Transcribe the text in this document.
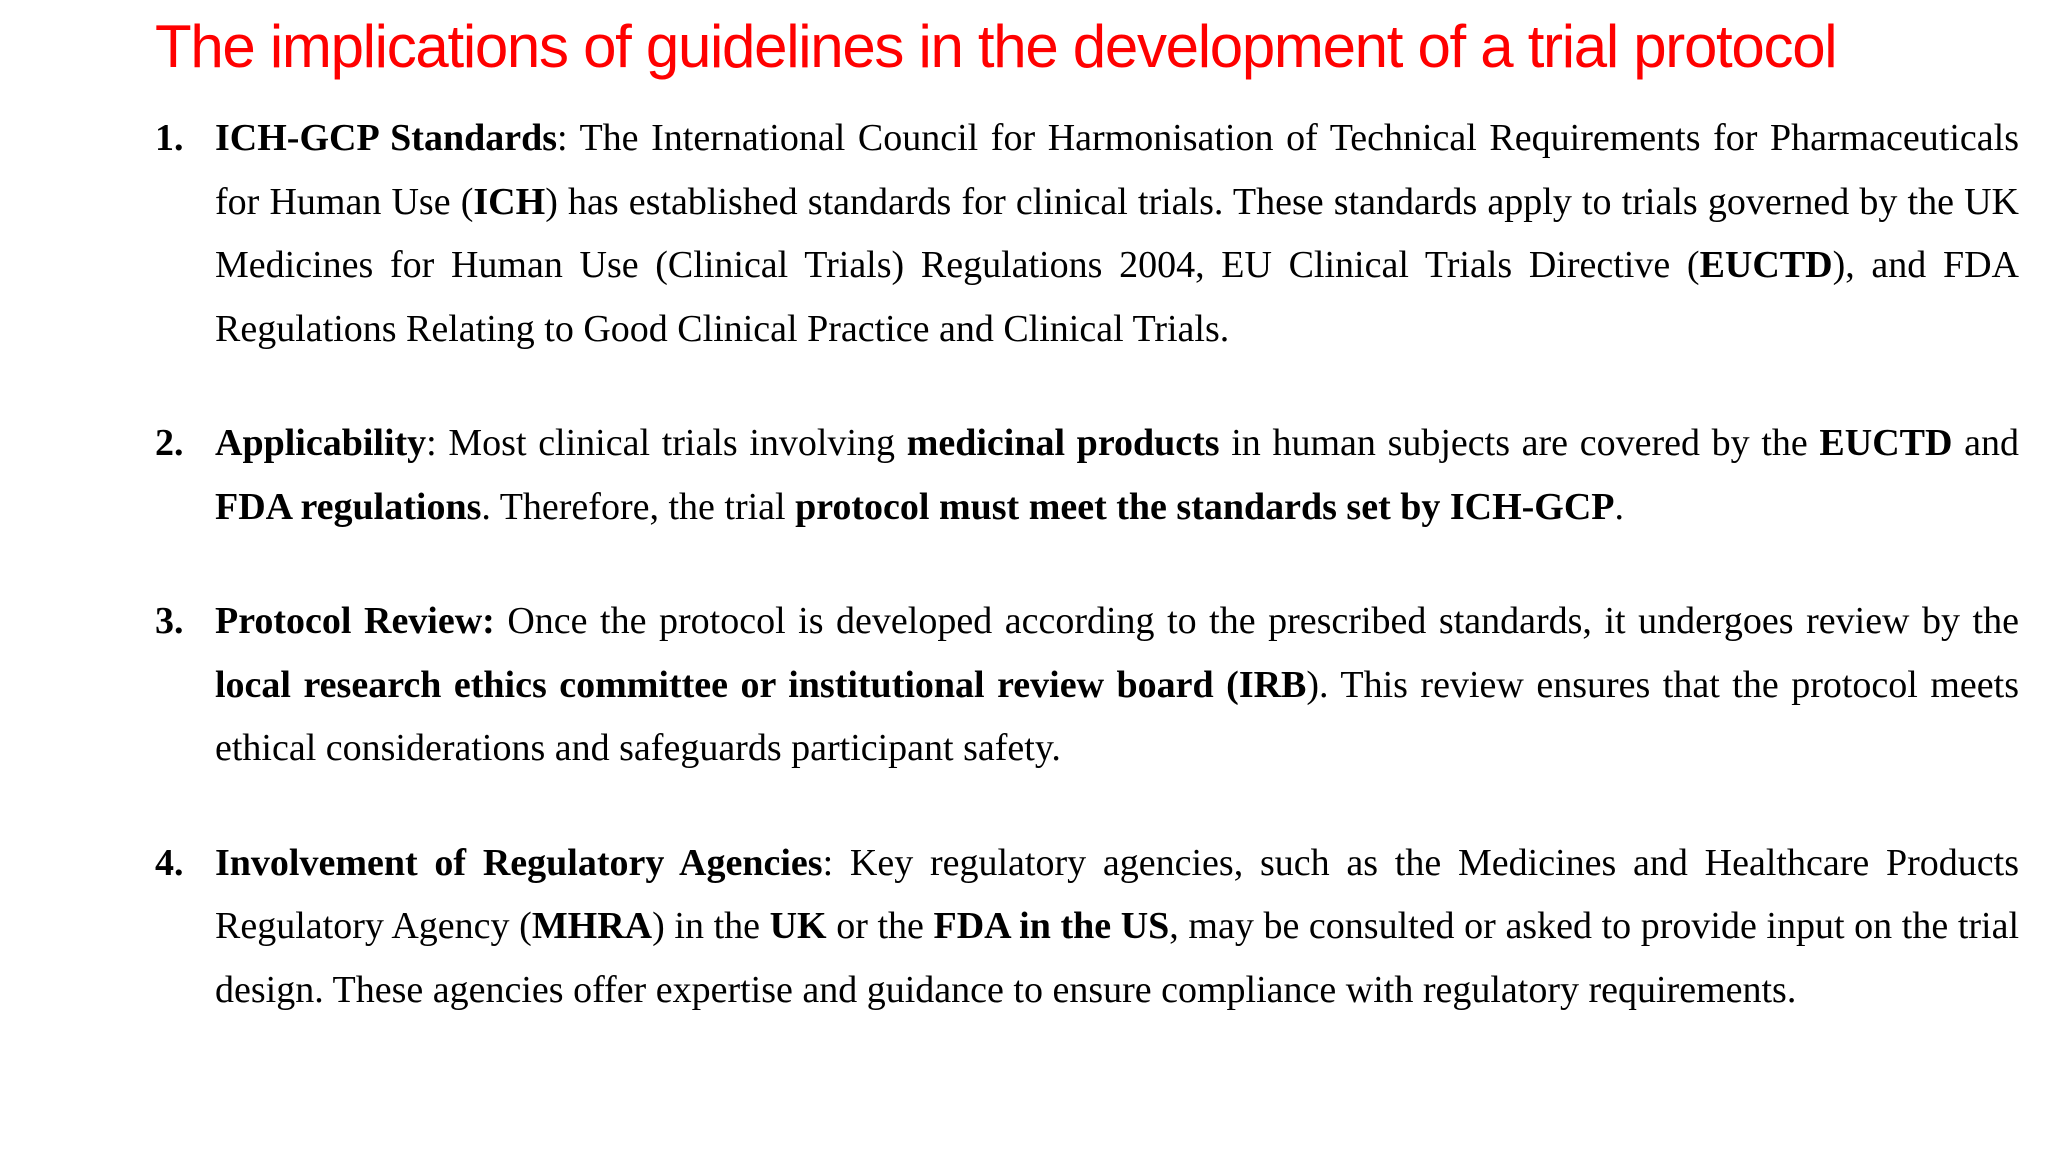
The implications of guidelines in the development of a trial protocol
1. ICH-GCP Standards: The International Council for Harmonisation of Technical Requirements for Pharmaceuticals for Human Use (ICH) has established standards for clinical trials. These standards apply to trials governed by the UK Medicines for Human Use (Clinical Trials) Regulations 2004, EU Clinical Trials Directive (EUCTD), and FDA Regulations Relating to Good Clinical Practice and Clinical Trials.
2. Applicability: Most clinical trials involving medicinal products in human subjects are covered by the EUCTD and FDA regulations. Therefore, the trial protocol must meet the standards set by ICH-GCP.
3. Protocol Review: Once the protocol is developed according to the prescribed standards, it undergoes review by the local research ethics committee or institutional review board (IRB). This review ensures that the protocol meets ethical considerations and safeguards participant safety.
4. Involvement of Regulatory Agencies: Key regulatory agencies, such as the Medicines and Healthcare Products Regulatory Agency (MHRA) in the UK or the FDA in the US, may be consulted or asked to provide input on the trial design. These agencies offer expertise and guidance to ensure compliance with regulatory requirements.
